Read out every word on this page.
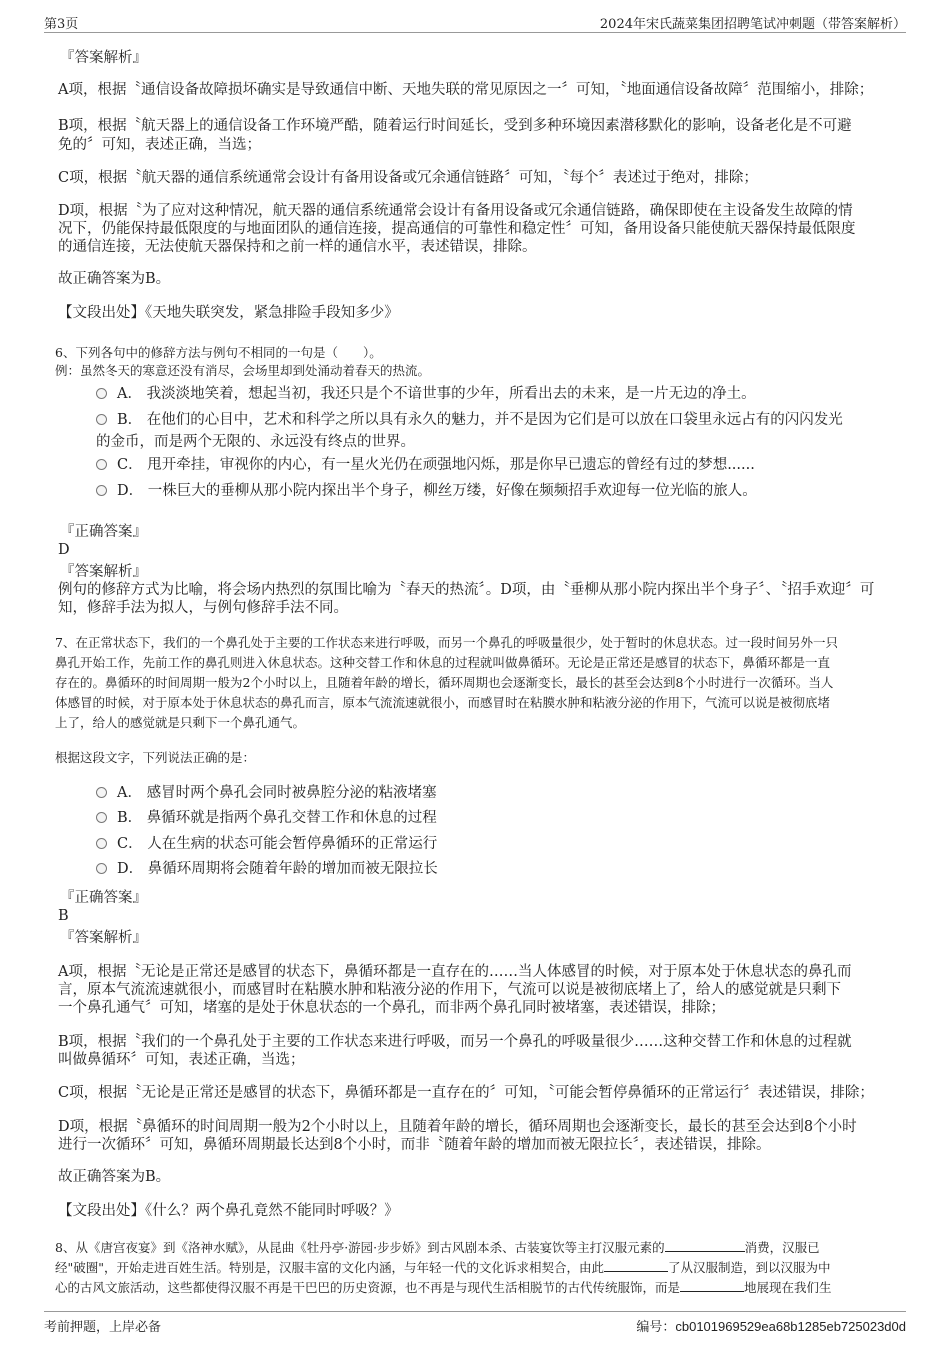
第3页	2024年宋氏蔬菜集团招聘笔试冲刺题（带答案解析）
『答案解析』
A项，根据〝通信设备故障损坏确实是导致通信中断、天地失联的常见原因之一〞可知，〝地面通信设备故障〞范围缩小，排除；
B项，根据〝航天器上的通信设备工作环境严酷，随着运行时间延长，受到多种环境因素潜移默化的影响，设备老化是不可避
免的〞可知，表述正确，当选；
C项，根据〝航天器的通信系统通常会设计有备用设备或冗余通信链路〞可知，〝每个〞表述过于绝对，排除；
D项，根据〝为了应对这种情况，航天器的通信系统通常会设计有备用设备或冗余通信链路，确保即使在主设备发生故障的情
况下，仍能保持最低限度的与地面团队的通信连接，提高通信的可靠性和稳定性〞可知，备用设备只能使航天器保持最低限度
的通信连接，无法使航天器保持和之前一样的通信水平，表述错误，排除。
故正确答案为B。
【文段出处】《天地失联突发，紧急排险手段知多少》
6、下列各句中的修辞方法与例句不相同的一句是（　　）。
例：虽然冬天的寒意还没有消尽，会场里却到处涌动着春天的热流。
A． 我淡淡地笑着，想起当初，我还只是个不谙世事的少年，所看出去的未来，是一片无边的净土。
B． 在他们的心目中，艺术和科学之所以具有永久的魅力，并不是因为它们是可以放在口袋里永远占有的闪闪发光
的金币，而是两个无限的、永远没有终点的世界。
C． 甩开牵挂，审视你的内心，有一星火光仍在顽强地闪烁，那是你早已遗忘的曾经有过的梦想......
D． 一株巨大的垂柳从那小院内探出半个身子，柳丝万缕，好像在频频招手欢迎每一位光临的旅人。
『正确答案』
D
『答案解析』
例句的修辞方式为比喻，将会场内热烈的氛围比喻为〝春天的热流〞。D项，由〝垂柳从那小院内探出半个身子〞、〝招手欢迎〞可
知，修辞手法为拟人，与例句修辞手法不同。
7、在正常状态下，我们的一个鼻孔处于主要的工作状态来进行呼吸，而另一个鼻孔的呼吸量很少，处于暂时的休息状态。过一段时间另外一只
鼻孔开始工作，先前工作的鼻孔则进入休息状态。这种交替工作和休息的过程就叫做鼻循环。无论是正常还是感冒的状态下，鼻循环都是一直
存在的。鼻循环的时间周期一般为2个小时以上，且随着年龄的增长，循环周期也会逐渐变长，最长的甚至会达到8个小时进行一次循环。当人
体感冒的时候，对于原本处于休息状态的鼻孔而言，原本气流流速就很小，而感冒时在粘膜水肿和粘液分泌的作用下，气流可以说是被彻底堵
上了，给人的感觉就是只剩下一个鼻孔通气。
根据这段文字，下列说法正确的是：
A． 感冒时两个鼻孔会同时被鼻腔分泌的粘液堵塞
B． 鼻循环就是指两个鼻孔交替工作和休息的过程
C． 人在生病的状态可能会暂停鼻循环的正常运行
D． 鼻循环周期将会随着年龄的增加而被无限拉长
『正确答案』
B
『答案解析』
A项，根据〝无论是正常还是感冒的状态下，鼻循环都是一直存在的……当人体感冒的时候，对于原本处于休息状态的鼻孔而
言，原本气流流速就很小，而感冒时在粘膜水肿和粘液分泌的作用下，气流可以说是被彻底堵上了，给人的感觉就是只剩下
一个鼻孔通气〞可知，堵塞的是处于休息状态的一个鼻孔，而非两个鼻孔同时被堵塞，表述错误，排除；
B项，根据〝我们的一个鼻孔处于主要的工作状态来进行呼吸，而另一个鼻孔的呼吸量很少……这种交替工作和休息的过程就
叫做鼻循环〞可知，表述正确，当选；
C项，根据〝无论是正常还是感冒的状态下，鼻循环都是一直存在的〞可知，〝可能会暂停鼻循环的正常运行〞表述错误，排除；
D项，根据〝鼻循环的时间周期一般为2个小时以上，且随着年龄的增长，循环周期也会逐渐变长，最长的甚至会达到8个小时
进行一次循环〞可知，鼻循环周期最长达到8个小时，而非〝随着年龄的增加而被无限拉长〞，表述错误，排除。
故正确答案为B。
【文段出处】《什么？两个鼻孔竟然不能同时呼吸？》
8、从《唐宫夜宴》到《洛神水赋》，从昆曲《牡丹亭·游园·步步娇》到古风剧本杀、古装宴饮等主打汉服元素的	消费，汉服已
经"破圈"，开始走进百姓生活。特别是，汉服丰富的文化内涵，与年轻一代的文化诉求相契合，由此	了从汉服制造，到以汉服为中
心的古风文旅活动，这些都使得汉服不再是干巴巴的历史资源，也不再是与现代生活相脱节的古代传统服饰，而是	地展现在我们生
考前押题，上岸必备	编号：cb0101969529ea68b1285eb725023d0d
